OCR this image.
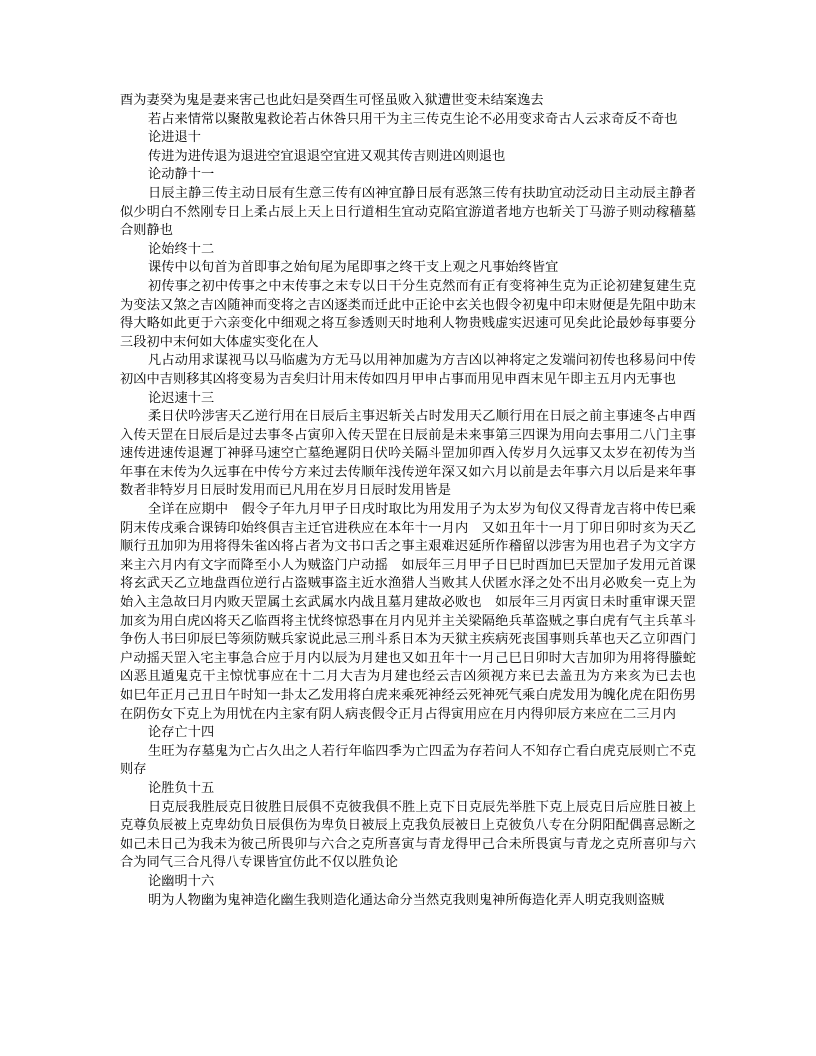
酉为妻癸为鬼是妻来害己也此妇是癸酉生可怪虽败入狱遭世变未结案逸去

若占来情常以聚散鬼救论若占休咎只用干为主三传克生论不必用变求奇古人云求奇反不奇也

论进退十

传进为进传退为退进空宜退退空宜进又观其传吉则进凶则退也

论动静十一

日辰主静三传主动日辰有生意三传有凶神宜静日辰有恶煞三传有扶助宜动泛动日主动辰主静者似少明白不然刚专日上柔占辰上天上日行道相生宜动克陷宜游道者地方也斩关丁马游子则动稼穑墓合则静也

论始终十二

课传中以旬首为首即事之始旬尾为尾即事之终干支上观之凡事始终皆宜

初传事之初中传事之中末传事之末专以日干分生克然而有正有变将神生克为正论初建复建生克为变法又煞之吉凶随神而变将之吉凶逐类而迁此中正论中玄关也假令初鬼中印末财便是先阻中助末得大略如此更于六亲变化中细观之将互参透则天时地利人物贵贱虚实迟速可见矣此论最妙每事要分三段初中末何如大体虚实变化在人

凡占动用求谋视马以马临處为方无马以用神加處为方吉凶以神将定之发端问初传也移易问中传初凶中吉则移其凶将变易为吉矣归计用末传如四月甲申占事而用见申酉末见午即主五月内无事也

论迟速十三

柔日伏吟涉害天乙逆行用在日辰后主事迟斩关占时发用天乙顺行用在日辰之前主事速冬占申酉入传天罡在日辰后是过去事冬占寅卯入传天罡在日辰前是未来事第三四课为用向去事用二八门主事速传进速传退遲丁神驿马速空亡墓绝遲阴日伏吟关隔斗罡加卯酉入传岁月久远事又太岁在初传为当年事在末传为久远事在中传兮方来过去传顺年浅传逆年深又如六月以前是去年事六月以后是来年事数者非特岁月日辰时发用而已凡用在岁月日辰时发用皆是

全详在应期中　假令子年九月甲子日戌时取比为用发用子为太岁为旬仪又得青龙吉将中传巳乘阴末传戌乘合课铸印始终俱吉主迁官进秩应在本年十一月内　又如丑年十一月丁卯日卯时亥为天乙顺行丑加卯为用将得朱雀凶将占者为文书口舌之事主艰难迟延所作稽留以涉害为用也君子为文字方来主六月内有文字而降至小人为贼盗门户动摇　如辰年三月甲子日巳时酉加巳天罡加子发用元首课将玄武天乙立地盘酉位逆行占盗贼事盗主近水渔猎人当败其人伏匿水泽之处不出月必败矣一克上为始入主急故曰月内败天罡属土玄武属水内战且墓月建故必败也　如辰年三月丙寅日未时重审课天罡加亥为用白虎凶将天乙临酉将主忧终惊恐事在月内见并主关梁隔绝兵革盗贼之事白虎有气主兵革斗争伤人书曰卯辰巳等须防贼兵家说此忌三刑斗系日本为天狱主疾病死丧国事则兵革也天乙立卯酉门户动摇天罡入宅主事急合应于月内以辰为月建也又如丑年十一月己巳日卯时大吉加卯为用将得螣蛇凶恶且遁鬼克干主惊忧事应在十二月大吉为月建也经云吉凶须视方来已去盖丑为方来亥为已去也　如巳年正月己丑日午时知一卦太乙发用将白虎来乘死神经云死神死气乘白虎发用为魄化虎在阳伤男在阴伤女下克上为用忧在内主家有阴人病丧假令正月占得寅用应在月内得卯辰方来应在二三月内

论存亡十四

生旺为存墓鬼为亡占久出之人若行年临四季为亡四孟为存若问人不知存亡看白虎克辰则亡不克则存

论胜负十五

日克辰我胜辰克日彼胜日辰俱不克彼我俱不胜上克下日克辰先举胜下克上辰克日后应胜日被上克尊负辰被上克卑幼负日辰俱伤为卑负日被辰上克我负辰被日上克彼负八专在分阴阳配偶喜忌断之如己未日己为我未为彼己所畏卯与六合之克所喜寅与青龙得甲己合未所畏寅与青龙之克所喜卯与六合为同气三合凡得八专课皆宜仿此不仅以胜负论

论幽明十六

明为人物幽为鬼神造化幽生我则造化通达命分当然克我则鬼神所侮造化弄人明克我则盗贼
